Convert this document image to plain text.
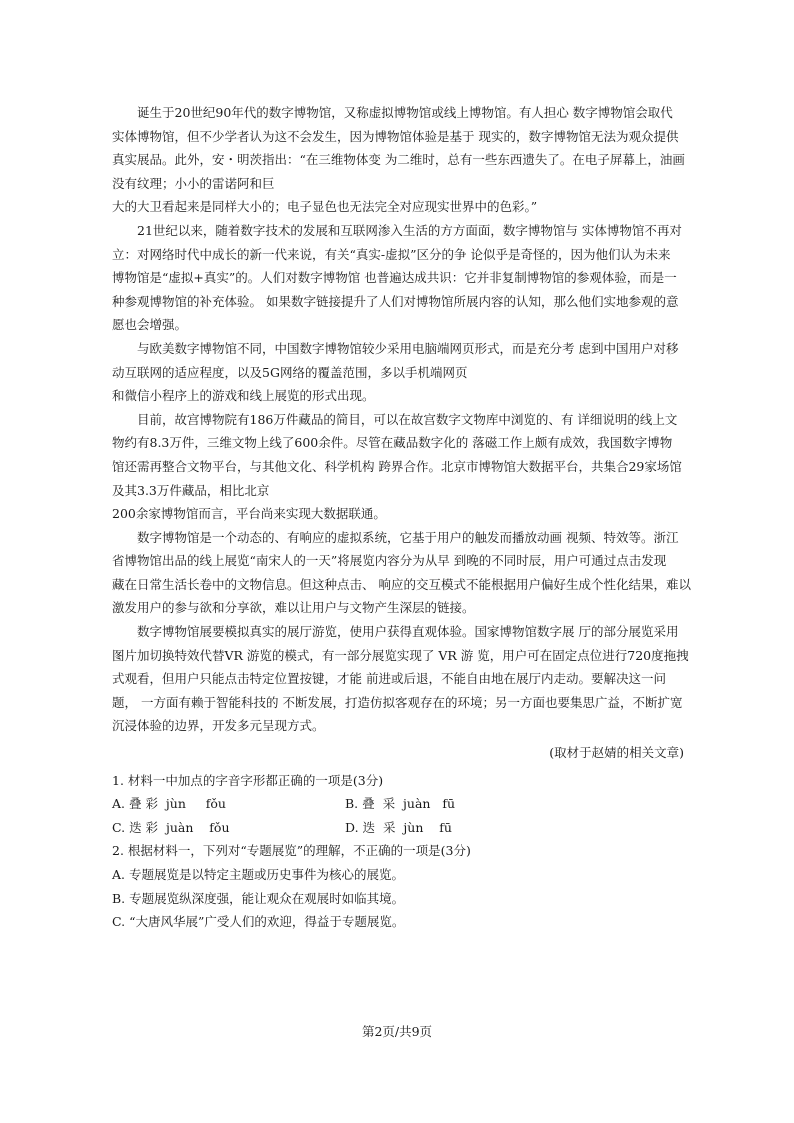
诞生于20世纪90年代的数字博物馆，又称虚拟博物馆或线上博物馆。有人担心 数字博物馆会取代
实体博物馆，但不少学者认为这不会发生，因为博物馆体验是基于 现实的，数字博物馆无法为观众提供
真实展品。此外，安・明茨指出：“在三维物体变 为二维时，总有一些东西遗失了。在电子屏幕上，油画
没有纹理；小小的雷诺阿和巨
大的大卫看起来是同样大小的；电子显色也无法完全对应现实世界中的色彩。”

21世纪以来，随着数字技术的发展和互联网渗入生活的方方面面，数字博物馆与 实体博物馆不再对
立：对网络时代中成长的新一代来说，有关“真实-虚拟”区分的争 论似乎是奇怪的，因为他们认为未来
博物馆是“虚拟+真实”的。人们对数字博物馆 也普遍达成共识：它并非复制博物馆的参观体验，而是一
种参观博物馆的补充体验。 如果数字链接提升了人们对博物馆所展内容的认知，那么他们实地参观的意
愿也会增强。

与欧美数字博物馆不同，中国数字博物馆较少采用电脑端网页形式，而是充分考 虑到中国用户对移
动互联网的适应程度，以及5G网络的覆盖范围，多以手机端网页
和微信小程序上的游戏和线上展览的形式出现。

目前，故宫博物院有186万件藏品的简目，可以在故宫数字文物库中浏览的、有 详细说明的线上文
物约有8.3万件，三维文物上线了600余件。尽管在藏品数字化的 落磁工作上颇有成效，我国数字博物
馆还需再整合文物平台，与其他文化、科学机构 跨界合作。北京市博物馆大数据平台，共集合29家场馆
及其3.3万件藏品，相比北京
200余家博物馆而言，平台尚来实现大数据联通。

数字博物馆是一个动态的、有响应的虚拟系统，它基于用户的触发而播放动画 视频、特效等。浙江
省博物馆出品的线上展览“南宋人的一天”将展览内容分为从早 到晚的不同时辰，用户可通过点击发现
藏在日常生活长卷中的文物信息。但这种点击、 响应的交互模式不能根据用户偏好生成个性化结果，难以
激发用户的参与欲和分享欲，难以让用户与文物产生深层的链接。

数字博物馆展要模拟真实的展厅游览，使用户获得直观体验。国家博物馆数字展 厅的部分展览采用
图片加切换特效代替VR 游览的模式，有一部分展览实现了 VR 游 览，用户可在固定点位进行720度拖拽
式观看，但用户只能点击特定位置按键，才能 前进或后退，不能自由地在展厅内走动。要解决这一问
题， 一方面有赖于智能科技的 不断发展，打造仿拟客观存在的环境；另一方面也要集思广益，不断扩宽
沉浸体验的边界，开发多元呈现方式。

(取材于赵婧的相关文章)

1. 材料一中加点的字音字形都正确的一项是(3分)

A. 叠 彩  jùn     fǒu	B. 叠  采  juàn   fū
C. 迭 彩  juàn    fǒu	D. 迭  采  jùn    fū

2. 根据材料一，下列对“专题展览”的理解，不正确的一项是(3分)

A. 专题展览是以特定主题或历史事件为核心的展览。

B. 专题展览纵深度强，能让观众在观展时如临其境。

C. “大唐风华展”广受人们的欢迎，得益于专题展览。

第2页/共9页
